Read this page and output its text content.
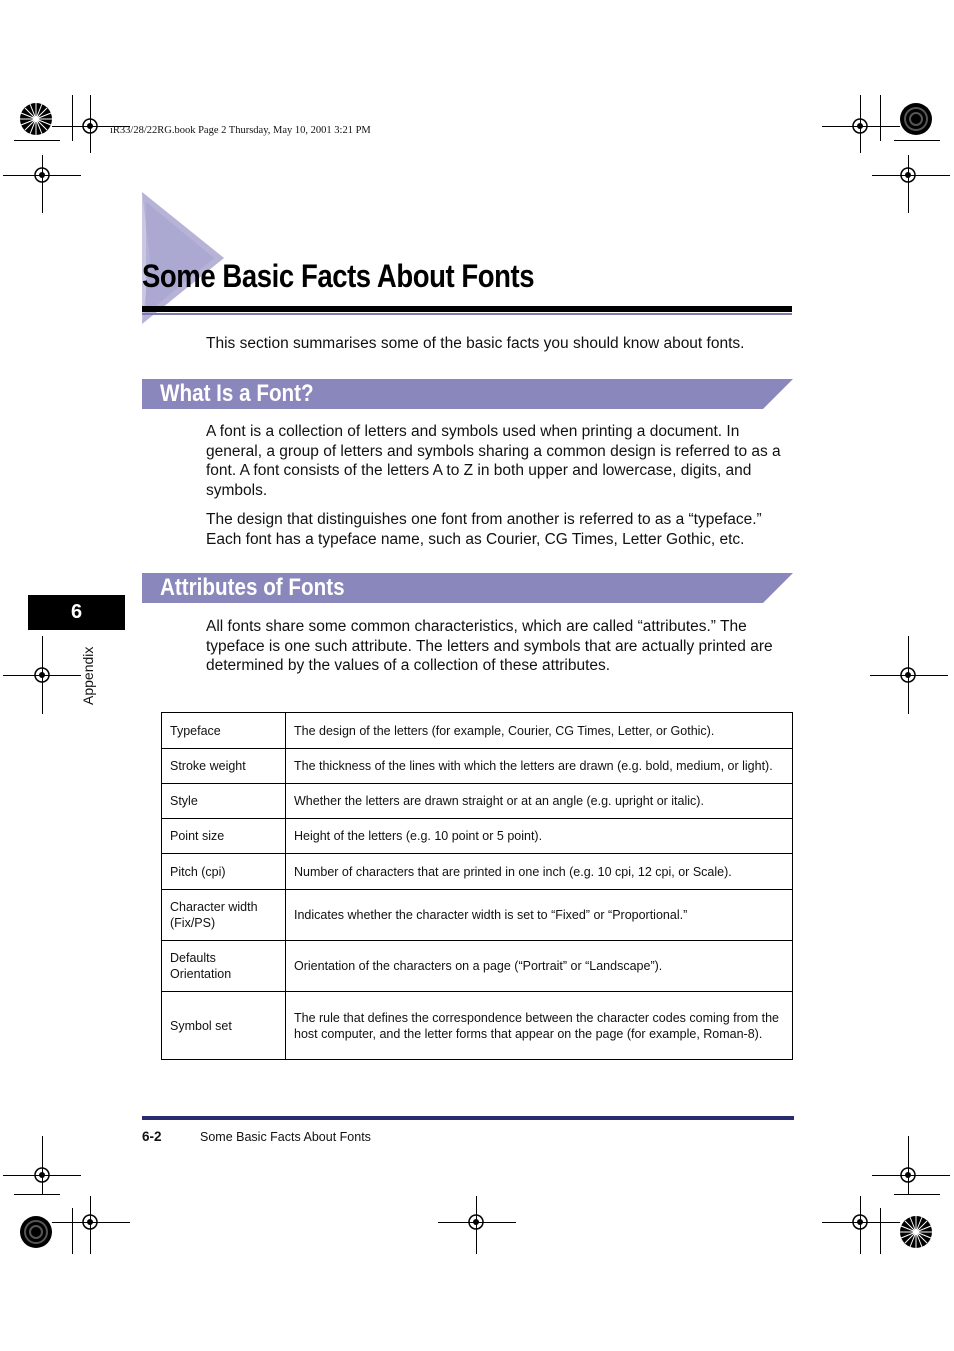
iR33/28/22RG.book Page 2 Thursday, May 10, 2001 3:21 PM
Some Basic Facts About Fonts
This section summarises some of the basic facts you should know about fonts.
What Is a Font?
A font is a collection of letters and symbols used when printing a document. In general, a group of letters and symbols sharing a common design is referred to as a font. A font consists of the letters A to Z in both upper and lowercase, digits, and symbols.
The design that distinguishes one font from another is referred to as a “typeface.” Each font has a typeface name, such as Courier, CG Times, Letter Gothic, etc.
Attributes of Fonts
All fonts share some common characteristics, which are called “attributes.” The typeface is one such attribute. The letters and symbols that are actually printed are determined by the values of a collection of these attributes.
6
Appendix
Typeface	The design of the letters (for example, Courier, CG Times, Letter, or Gothic).
Stroke weight	The thickness of the lines with which the letters are drawn (e.g. bold, medium, or light).
Style	Whether the letters are drawn straight or at an angle (e.g. upright or italic).
Point size	Height of the letters (e.g. 10 point or 5 point).
Pitch (cpi)	Number of characters that are printed in one inch (e.g. 10 cpi, 12 cpi, or Scale).
Character width (Fix/PS)	Indicates whether the character width is set to “Fixed” or “Proportional.”
Defaults Orientation	Orientation of the characters on a page (“Portrait” or “Landscape”).
Symbol set	The rule that defines the correspondence between the character codes coming from the host computer, and the letter forms that appear on the page (for example, Roman-8).
6-2	Some Basic Facts About Fonts
